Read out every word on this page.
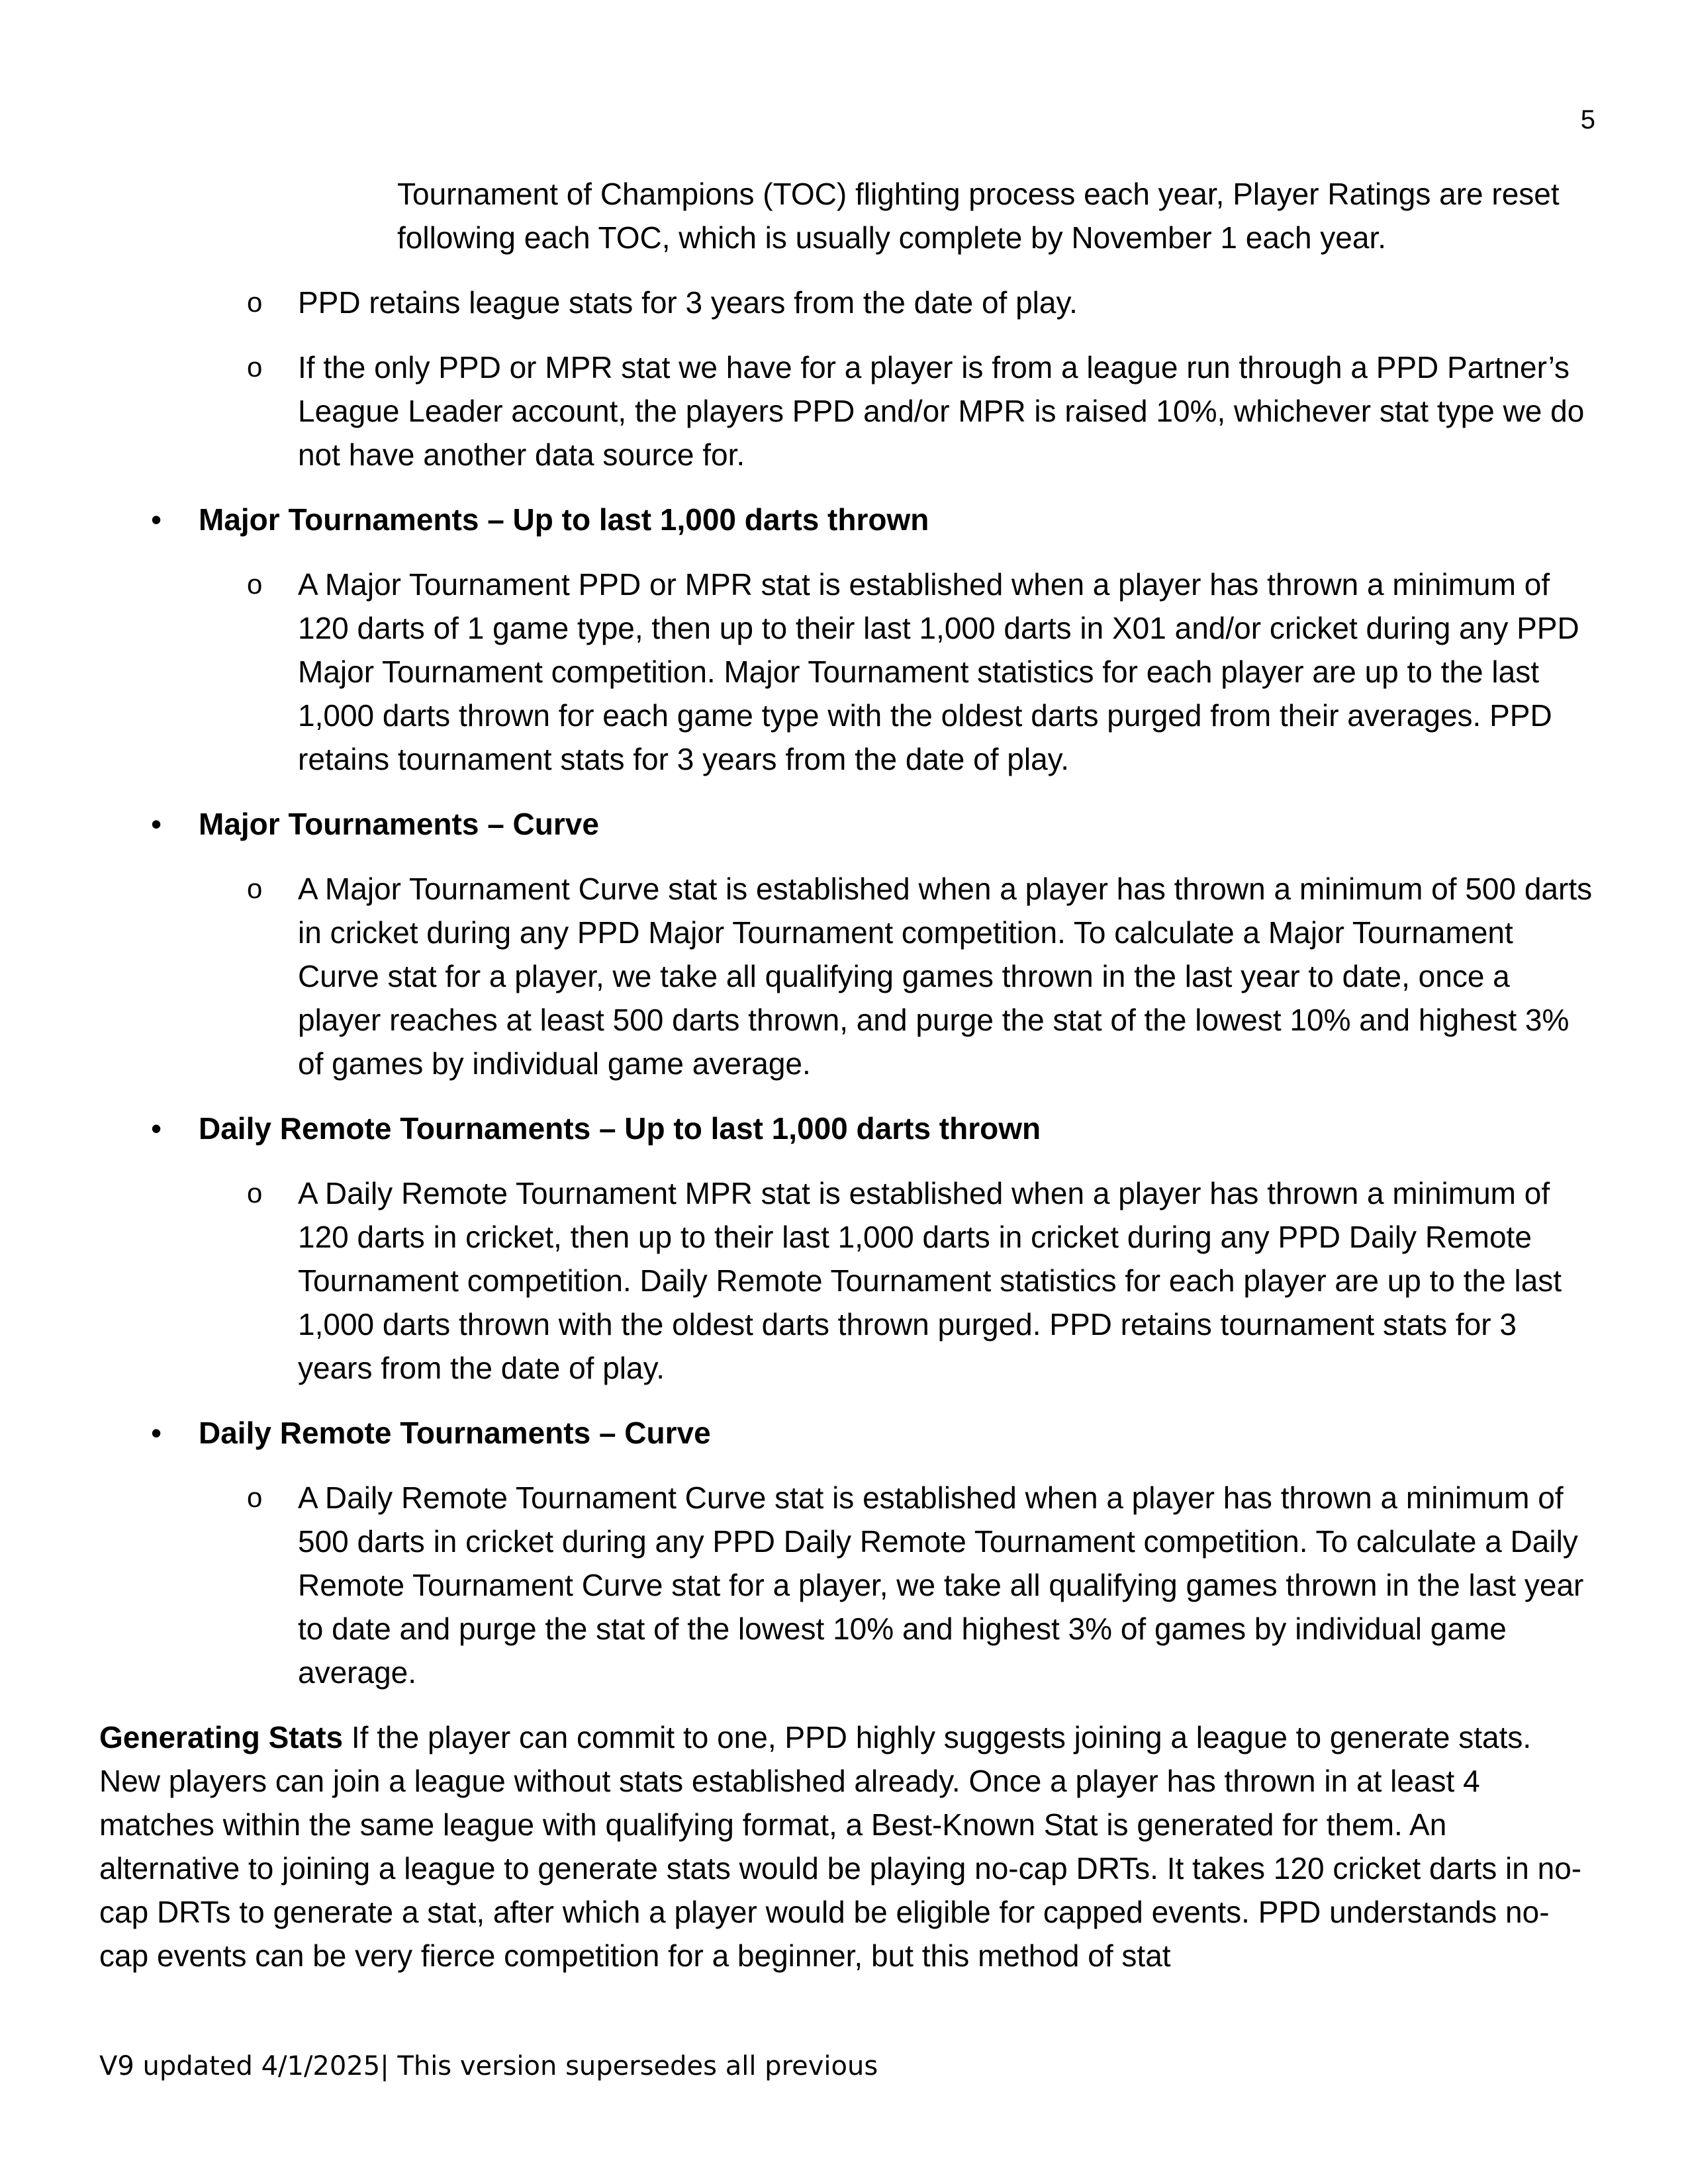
5

Tournament of Champions (TOC) flighting process each year, Player Ratings are reset following each TOC, which is usually complete by November 1 each year.

o PPD retains league stats for 3 years from the date of play.
o If the only PPD or MPR stat we have for a player is from a league run through a PPD Partner’s League Leader account, the players PPD and/or MPR is raised 10%, whichever stat type we do not have another data source for.
• Major Tournaments – Up to last 1,000 darts thrown
o A Major Tournament PPD or MPR stat is established when a player has thrown a minimum of 120 darts of 1 game type, then up to their last 1,000 darts in X01 and/or cricket during any PPD Major Tournament competition. Major Tournament statistics for each player are up to the last 1,000 darts thrown for each game type with the oldest darts purged from their averages. PPD retains tournament stats for 3 years from the date of play.
• Major Tournaments – Curve
o A Major Tournament Curve stat is established when a player has thrown a minimum of 500 darts in cricket during any PPD Major Tournament competition. To calculate a Major Tournament Curve stat for a player, we take all qualifying games thrown in the last year to date, once a player reaches at least 500 darts thrown, and purge the stat of the lowest 10% and highest 3% of games by individual game average.
• Daily Remote Tournaments – Up to last 1,000 darts thrown
o A Daily Remote Tournament MPR stat is established when a player has thrown a minimum of 120 darts in cricket, then up to their last 1,000 darts in cricket during any PPD Daily Remote Tournament competition. Daily Remote Tournament statistics for each player are up to the last 1,000 darts thrown with the oldest darts thrown purged. PPD retains tournament stats for 3 years from the date of play.
• Daily Remote Tournaments – Curve
o A Daily Remote Tournament Curve stat is established when a player has thrown a minimum of 500 darts in cricket during any PPD Daily Remote Tournament competition. To calculate a Daily Remote Tournament Curve stat for a player, we take all qualifying games thrown in the last year to date and purge the stat of the lowest 10% and highest 3% of games by individual game average.

Generating Stats If the player can commit to one, PPD highly suggests joining a league to generate stats. New players can join a league without stats established already. Once a player has thrown in at least 4 matches within the same league with qualifying format, a Best-Known Stat is generated for them. An alternative to joining a league to generate stats would be playing no-cap DRTs. It takes 120 cricket darts in no-cap DRTs to generate a stat, after which a player would be eligible for capped events. PPD understands no-cap events can be very fierce competition for a beginner, but this method of stat

V9 updated 4/1/2025| This version supersedes all previous
